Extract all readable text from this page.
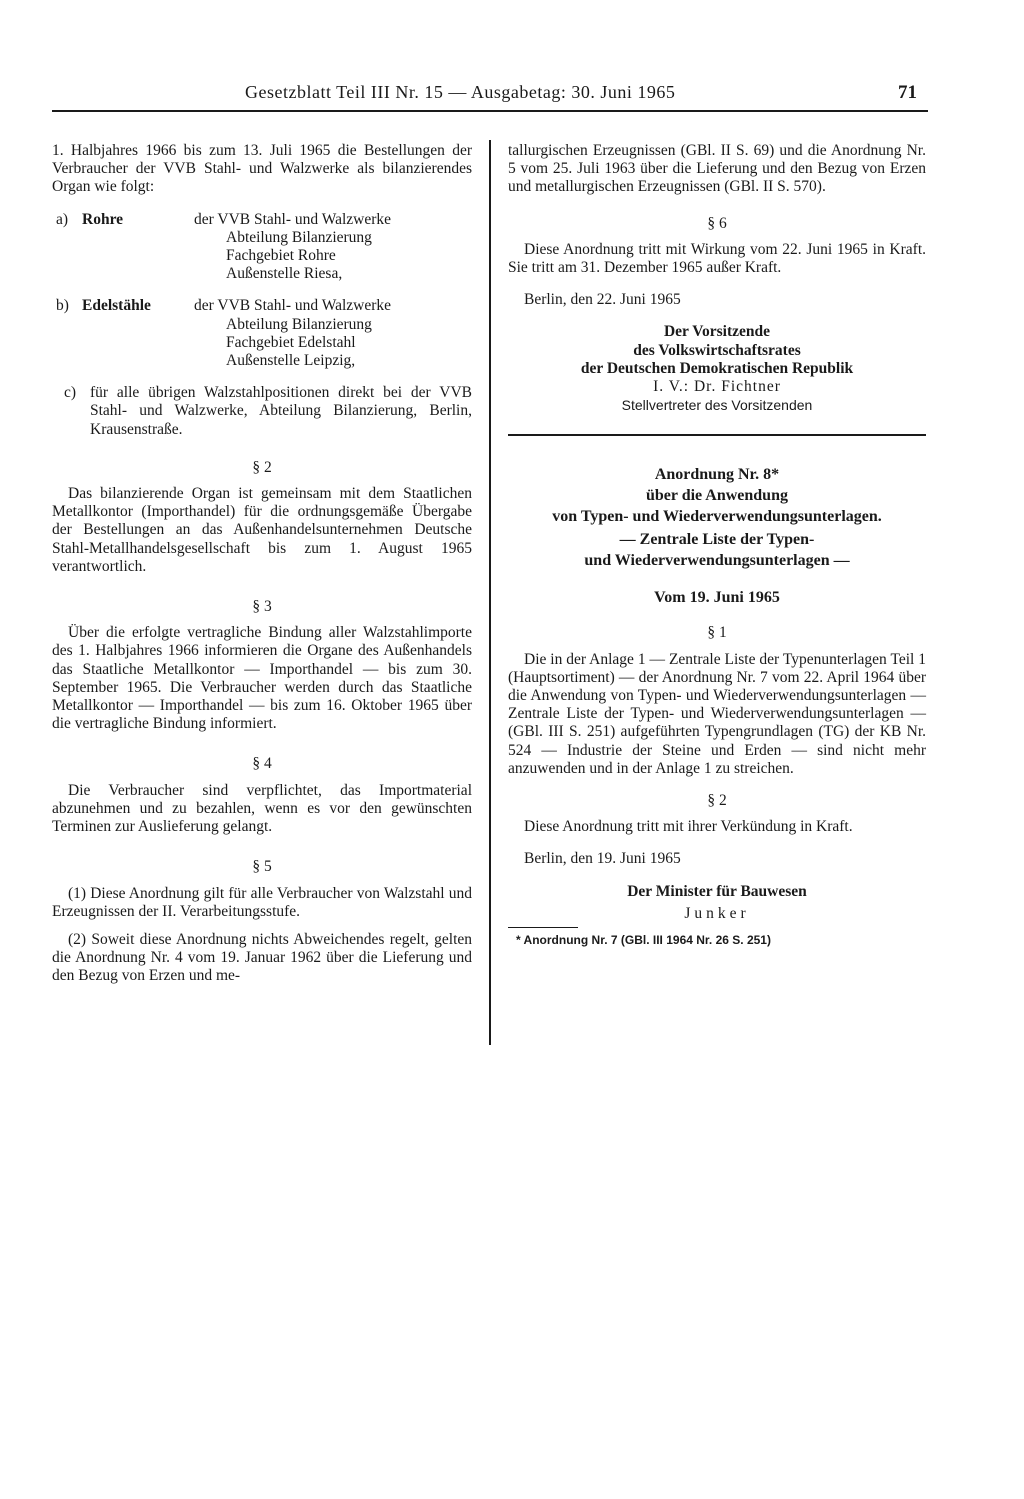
Gesetzblatt Teil III Nr. 15 — Ausgabetag: 30. Juni 1965	71

1. Halbjahres 1966 bis zum 13. Juli 1965 die Bestellungen der Verbraucher der VVB Stahl- und Walzwerke als bilanzierendes Organ wie folgt:

a) Rohre	der VVB Stahl- und Walzwerke

Abteilung Bilanzierung

Fachgebiet Rohre

Außenstelle Riesa,

b) Edelstähle	der VVB Stahl- und Walzwerke

Abteilung Bilanzierung

Fachgebiet Edelstahl

Außenstelle Leipzig,

c) für alle übrigen Walzstahlpositionen direkt bei der VVB Stahl- und Walzwerke, Abteilung Bilanzierung, Berlin, Krausenstraße.

§ 2

Das bilanzierende Organ ist gemeinsam mit dem Staatlichen Metallkontor (Importhandel) für die ordnungsgemäße Übergabe der Bestellungen an das Außenhandelsunternehmen Deutsche Stahl-Metallhandelsgesellschaft bis zum 1. August 1965 verantwortlich.

§ 3

Über die erfolgte vertragliche Bindung aller Walzstahlimporte des 1. Halbjahres 1966 informieren die Organe des Außenhandels das Staatliche Metallkontor — Importhandel — bis zum 30. September 1965. Die Verbraucher werden durch das Staatliche Metallkontor — Importhandel — bis zum 16. Oktober 1965 über die vertragliche Bindung informiert.

§ 4

Die Verbraucher sind verpflichtet, das Importmaterial abzunehmen und zu bezahlen, wenn es vor den gewünschten Terminen zur Auslieferung gelangt.

§ 5

(1) Diese Anordnung gilt für alle Verbraucher von Walzstahl und Erzeugnissen der II. Verarbeitungsstufe.

(2) Soweit diese Anordnung nichts Abweichendes regelt, gelten die Anordnung Nr. 4 vom 19. Januar 1962 über die Lieferung und den Bezug von Erzen und me-

tallurgischen Erzeugnissen (GBl. II S. 69) und die Anordnung Nr. 5 vom 25. Juli 1963 über die Lieferung und den Bezug von Erzen und metallurgischen Erzeugnissen (GBl. II S. 570).

§ 6

Diese Anordnung tritt mit Wirkung vom 22. Juni 1965 in Kraft. Sie tritt am 31. Dezember 1965 außer Kraft.

Berlin, den 22. Juni 1965

Der Vorsitzende

des Volkswirtschaftsrates

der Deutschen Demokratischen Republik

I. V.: Dr. Fichtner

Stellvertreter des Vorsitzenden

Anordnung Nr. 8*

über die Anwendung

von Typen- und Wiederverwendungsunterlagen.

— Zentrale Liste der Typen-

und Wiederverwendungsunterlagen —

Vom 19. Juni 1965

§ 1

Die in der Anlage 1 — Zentrale Liste der Typenunterlagen Teil 1 (Hauptsortiment) — der Anordnung Nr. 7 vom 22. April 1964 über die Anwendung von Typen- und Wiederverwendungsunterlagen — Zentrale Liste der Typen- und Wiederverwendungsunterlagen — (GBl. III S. 251) aufgeführten Typengrundlagen (TG) der KB Nr. 524 — Industrie der Steine und Erden — sind nicht mehr anzuwenden und in der Anlage 1 zu streichen.

§ 2

Diese Anordnung tritt mit ihrer Verkündung in Kraft.

Berlin, den 19. Juni 1965

Der Minister für Bauwesen

Junker

* Anordnung Nr. 7 (GBl. III 1964 Nr. 26 S. 251)
